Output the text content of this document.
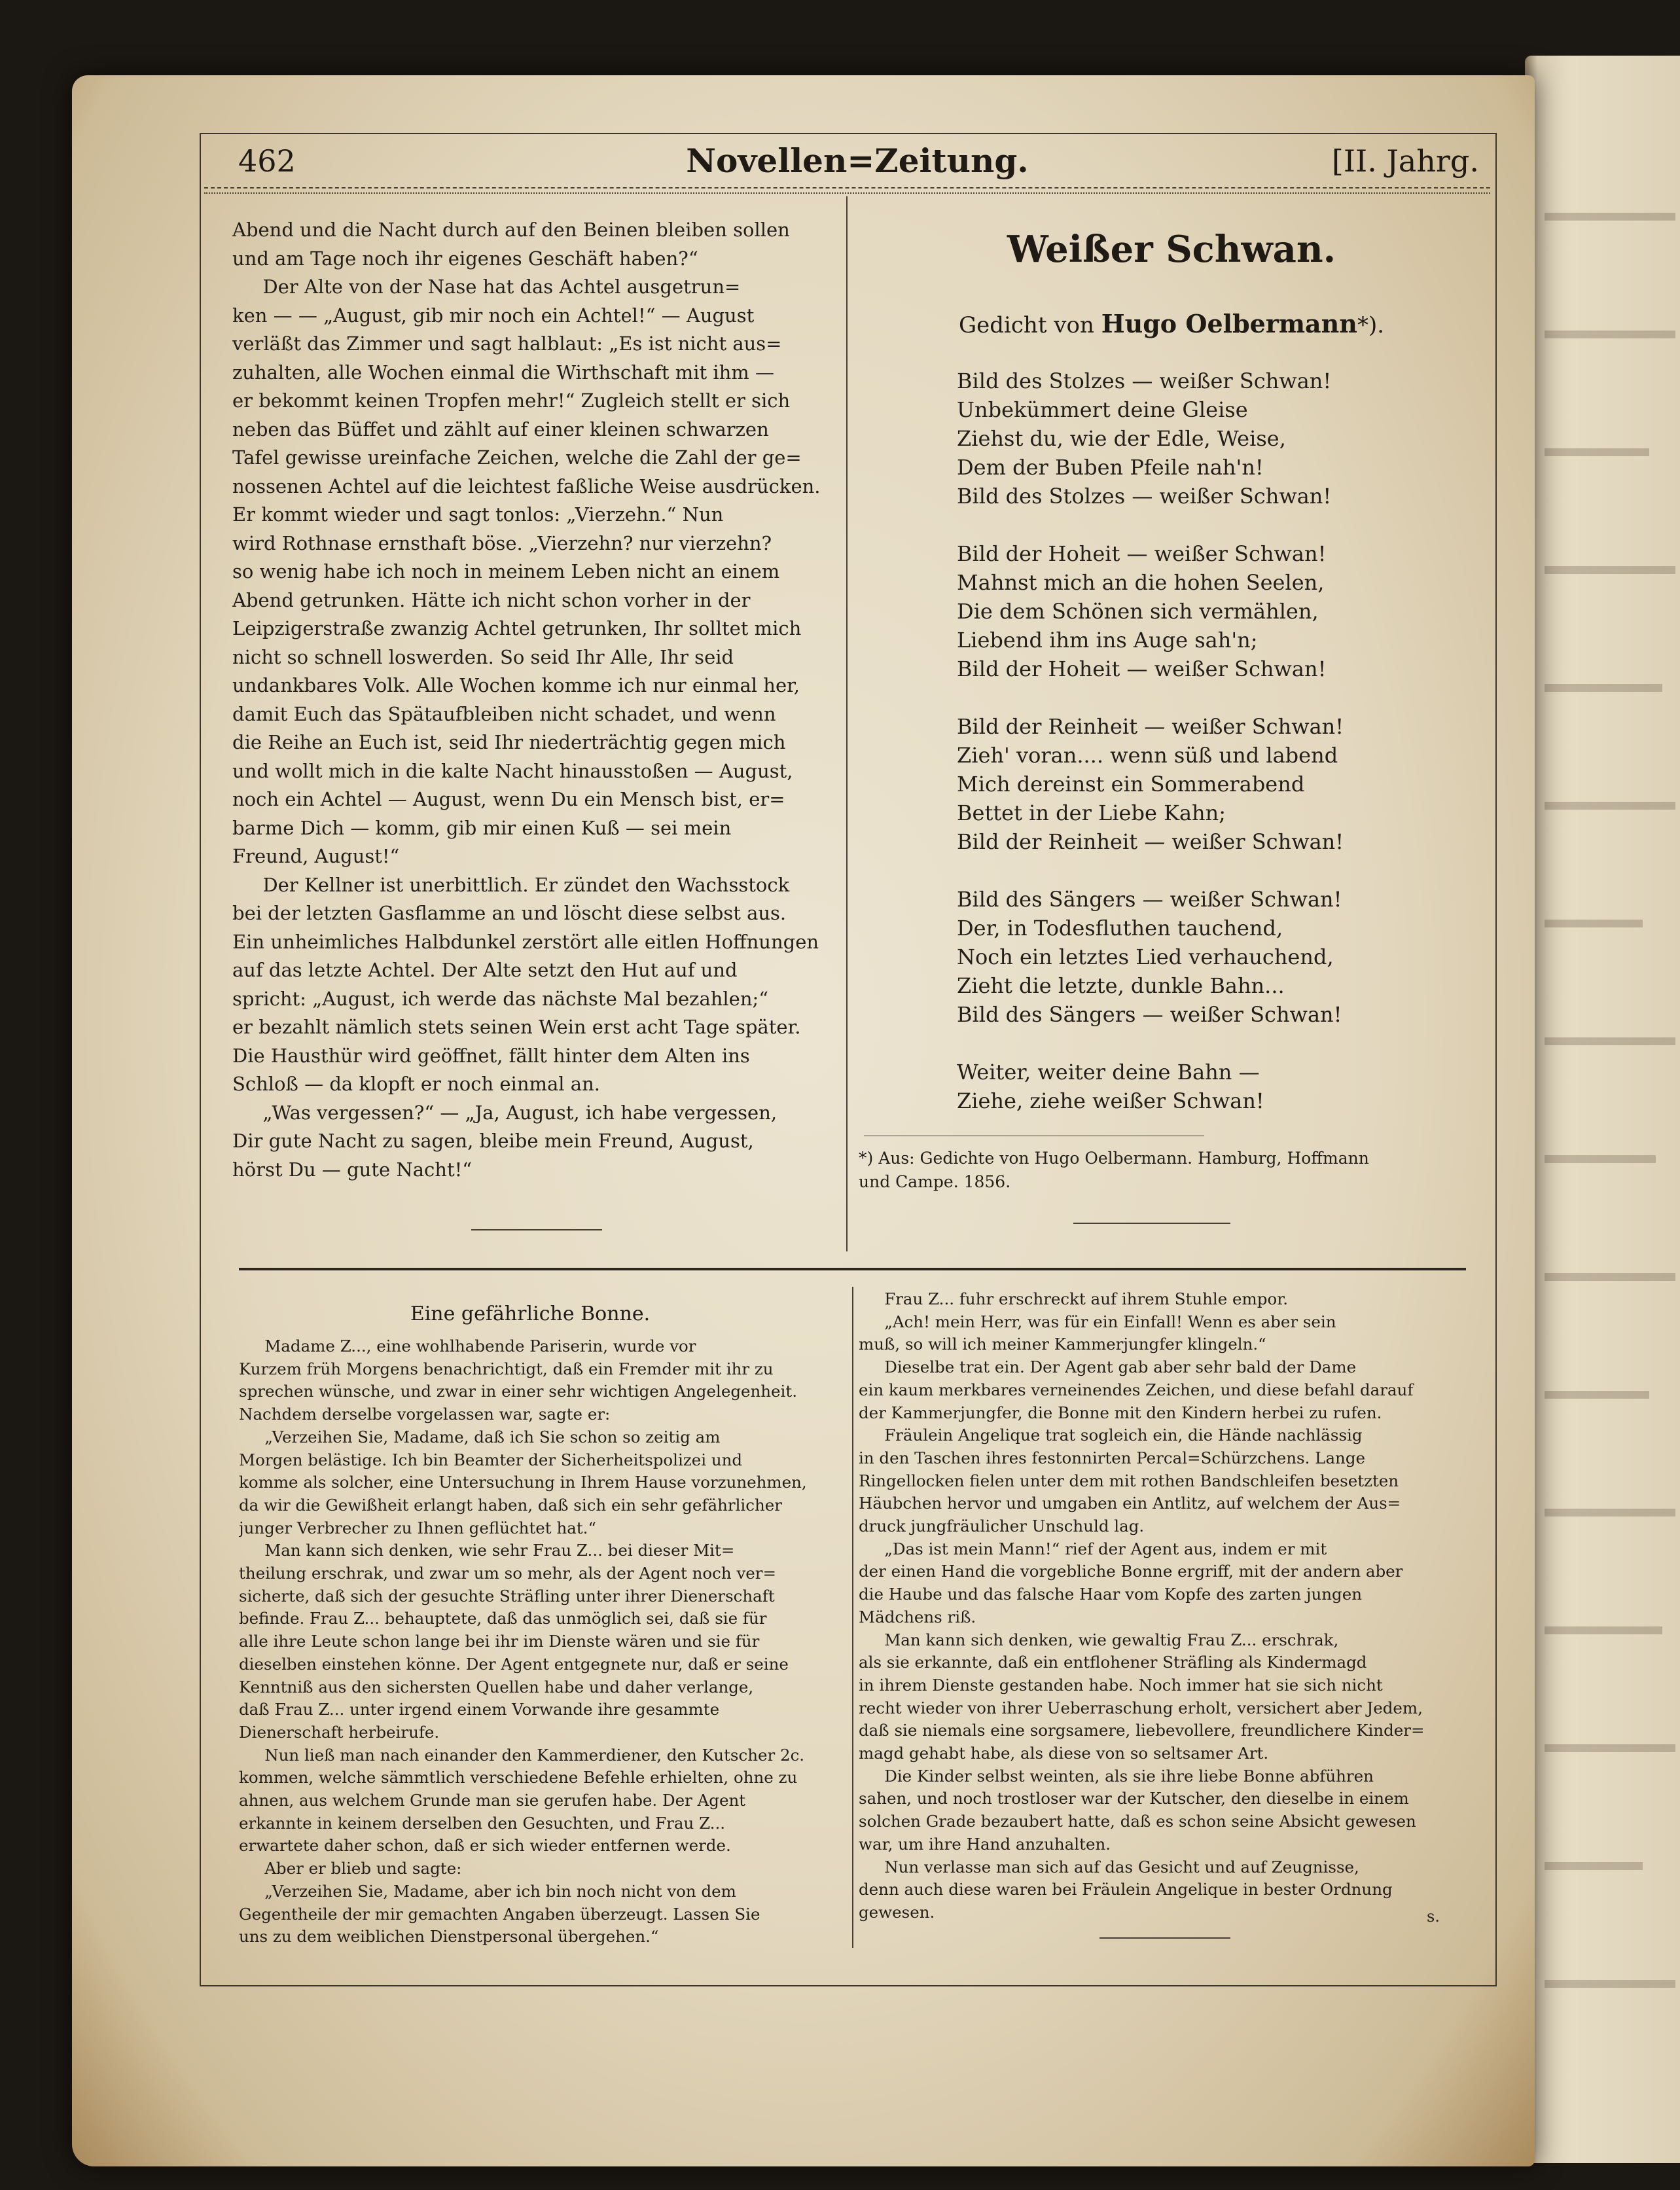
462	Novellen=Zeitung.	[II. Jahrg.

Abend und die Nacht durch auf den Beinen bleiben sollen

und am Tage noch ihr eigenes Geschäft haben?“

Der Alte von der Nase hat das Achtel ausgetrun=

ken — — „August, gib mir noch ein Achtel!“ — August

verläßt das Zimmer und sagt halblaut: „Es ist nicht aus=

zuhalten, alle Wochen einmal die Wirthschaft mit ihm —

er bekommt keinen Tropfen mehr!“ Zugleich stellt er sich

neben das Büffet und zählt auf einer kleinen schwarzen

Tafel gewisse ureinfache Zeichen, welche die Zahl der ge=

nossenen Achtel auf die leichtest faßliche Weise ausdrücken.

Er kommt wieder und sagt tonlos: „Vierzehn.“ Nun

wird Rothnase ernsthaft böse. „Vierzehn? nur vierzehn?

so wenig habe ich noch in meinem Leben nicht an einem

Abend getrunken. Hätte ich nicht schon vorher in der

Leipzigerstraße zwanzig Achtel getrunken, Ihr solltet mich

nicht so schnell loswerden. So seid Ihr Alle, Ihr seid

undankbares Volk. Alle Wochen komme ich nur einmal her,

damit Euch das Spätaufbleiben nicht schadet, und wenn

die Reihe an Euch ist, seid Ihr niederträchtig gegen mich

und wollt mich in die kalte Nacht hinausstoßen — August,

noch ein Achtel — August, wenn Du ein Mensch bist, er=

barme Dich — komm, gib mir einen Kuß — sei mein

Freund, August!“

Der Kellner ist unerbittlich. Er zündet den Wachsstock

bei der letzten Gasflamme an und löscht diese selbst aus.

Ein unheimliches Halbdunkel zerstört alle eitlen Hoffnungen

auf das letzte Achtel. Der Alte setzt den Hut auf und

spricht: „August, ich werde das nächste Mal bezahlen;“

er bezahlt nämlich stets seinen Wein erst acht Tage später.

Die Hausthür wird geöffnet, fällt hinter dem Alten ins

Schloß — da klopft er noch einmal an.

„Was vergessen?“ — „Ja, August, ich habe vergessen,

Dir gute Nacht zu sagen, bleibe mein Freund, August,

hörst Du — gute Nacht!“

Weißer Schwan.
Gedicht von Hugo Oelbermann*).

Bild des Stolzes — weißer Schwan!

Unbekümmert deine Gleise

Ziehst du, wie der Edle, Weise,

Dem der Buben Pfeile nah'n!

Bild des Stolzes — weißer Schwan!

Bild der Hoheit — weißer Schwan!

Mahnst mich an die hohen Seelen,

Die dem Schönen sich vermählen,

Liebend ihm ins Auge sah'n;

Bild der Hoheit — weißer Schwan!

Bild der Reinheit — weißer Schwan!

Zieh' voran.... wenn süß und labend

Mich dereinst ein Sommerabend

Bettet in der Liebe Kahn;

Bild der Reinheit — weißer Schwan!

Bild des Sängers — weißer Schwan!

Der, in Todesfluthen tauchend,

Noch ein letztes Lied verhauchend,

Zieht die letzte, dunkle Bahn...

Bild des Sängers — weißer Schwan!

Weiter, weiter deine Bahn —

Ziehe, ziehe weißer Schwan!

*) Aus: Gedichte von Hugo Oelbermann. Hamburg, Hoffmann

und Campe. 1856.

Eine gefährliche Bonne.

Madame Z..., eine wohlhabende Pariserin, wurde vor

Kurzem früh Morgens benachrichtigt, daß ein Fremder mit ihr zu

sprechen wünsche, und zwar in einer sehr wichtigen Angelegenheit.

Nachdem derselbe vorgelassen war, sagte er:

„Verzeihen Sie, Madame, daß ich Sie schon so zeitig am

Morgen belästige. Ich bin Beamter der Sicherheitspolizei und

komme als solcher, eine Untersuchung in Ihrem Hause vorzunehmen,

da wir die Gewißheit erlangt haben, daß sich ein sehr gefährlicher

junger Verbrecher zu Ihnen geflüchtet hat.“

Man kann sich denken, wie sehr Frau Z... bei dieser Mit=

theilung erschrak, und zwar um so mehr, als der Agent noch ver=

sicherte, daß sich der gesuchte Sträfling unter ihrer Dienerschaft

befinde. Frau Z... behauptete, daß das unmöglich sei, daß sie für

alle ihre Leute schon lange bei ihr im Dienste wären und sie für

dieselben einstehen könne. Der Agent entgegnete nur, daß er seine

Kenntniß aus den sichersten Quellen habe und daher verlange,

daß Frau Z... unter irgend einem Vorwande ihre gesammte

Dienerschaft herbeirufe.

Nun ließ man nach einander den Kammerdiener, den Kutscher 2c.

kommen, welche sämmtlich verschiedene Befehle erhielten, ohne zu

ahnen, aus welchem Grunde man sie gerufen habe. Der Agent

erkannte in keinem derselben den Gesuchten, und Frau Z...

erwartete daher schon, daß er sich wieder entfernen werde.

Aber er blieb und sagte:

„Verzeihen Sie, Madame, aber ich bin noch nicht von dem

Gegentheile der mir gemachten Angaben überzeugt. Lassen Sie

uns zu dem weiblichen Dienstpersonal übergehen.“

Frau Z... fuhr erschreckt auf ihrem Stuhle empor.

„Ach! mein Herr, was für ein Einfall! Wenn es aber sein

muß, so will ich meiner Kammerjungfer klingeln.“

Dieselbe trat ein. Der Agent gab aber sehr bald der Dame

ein kaum merkbares verneinendes Zeichen, und diese befahl darauf

der Kammerjungfer, die Bonne mit den Kindern herbei zu rufen.

Fräulein Angelique trat sogleich ein, die Hände nachlässig

in den Taschen ihres festonnirten Percal=Schürzchens. Lange

Ringellocken fielen unter dem mit rothen Bandschleifen besetzten

Häubchen hervor und umgaben ein Antlitz, auf welchem der Aus=

druck jungfräulicher Unschuld lag.

„Das ist mein Mann!“ rief der Agent aus, indem er mit

der einen Hand die vorgebliche Bonne ergriff, mit der andern aber

die Haube und das falsche Haar vom Kopfe des zarten jungen

Mädchens riß.

Man kann sich denken, wie gewaltig Frau Z... erschrak,

als sie erkannte, daß ein entflohener Sträfling als Kindermagd

in ihrem Dienste gestanden habe. Noch immer hat sie sich nicht

recht wieder von ihrer Ueberraschung erholt, versichert aber Jedem,

daß sie niemals eine sorgsamere, liebevollere, freundlichere Kinder=

magd gehabt habe, als diese von so seltsamer Art.

Die Kinder selbst weinten, als sie ihre liebe Bonne abführen

sahen, und noch trostloser war der Kutscher, den dieselbe in einem

solchen Grade bezaubert hatte, daß es schon seine Absicht gewesen

war, um ihre Hand anzuhalten.

Nun verlasse man sich auf das Gesicht und auf Zeugnisse,

denn auch diese waren bei Fräulein Angelique in bester Ordnung

gewesen.	s.
